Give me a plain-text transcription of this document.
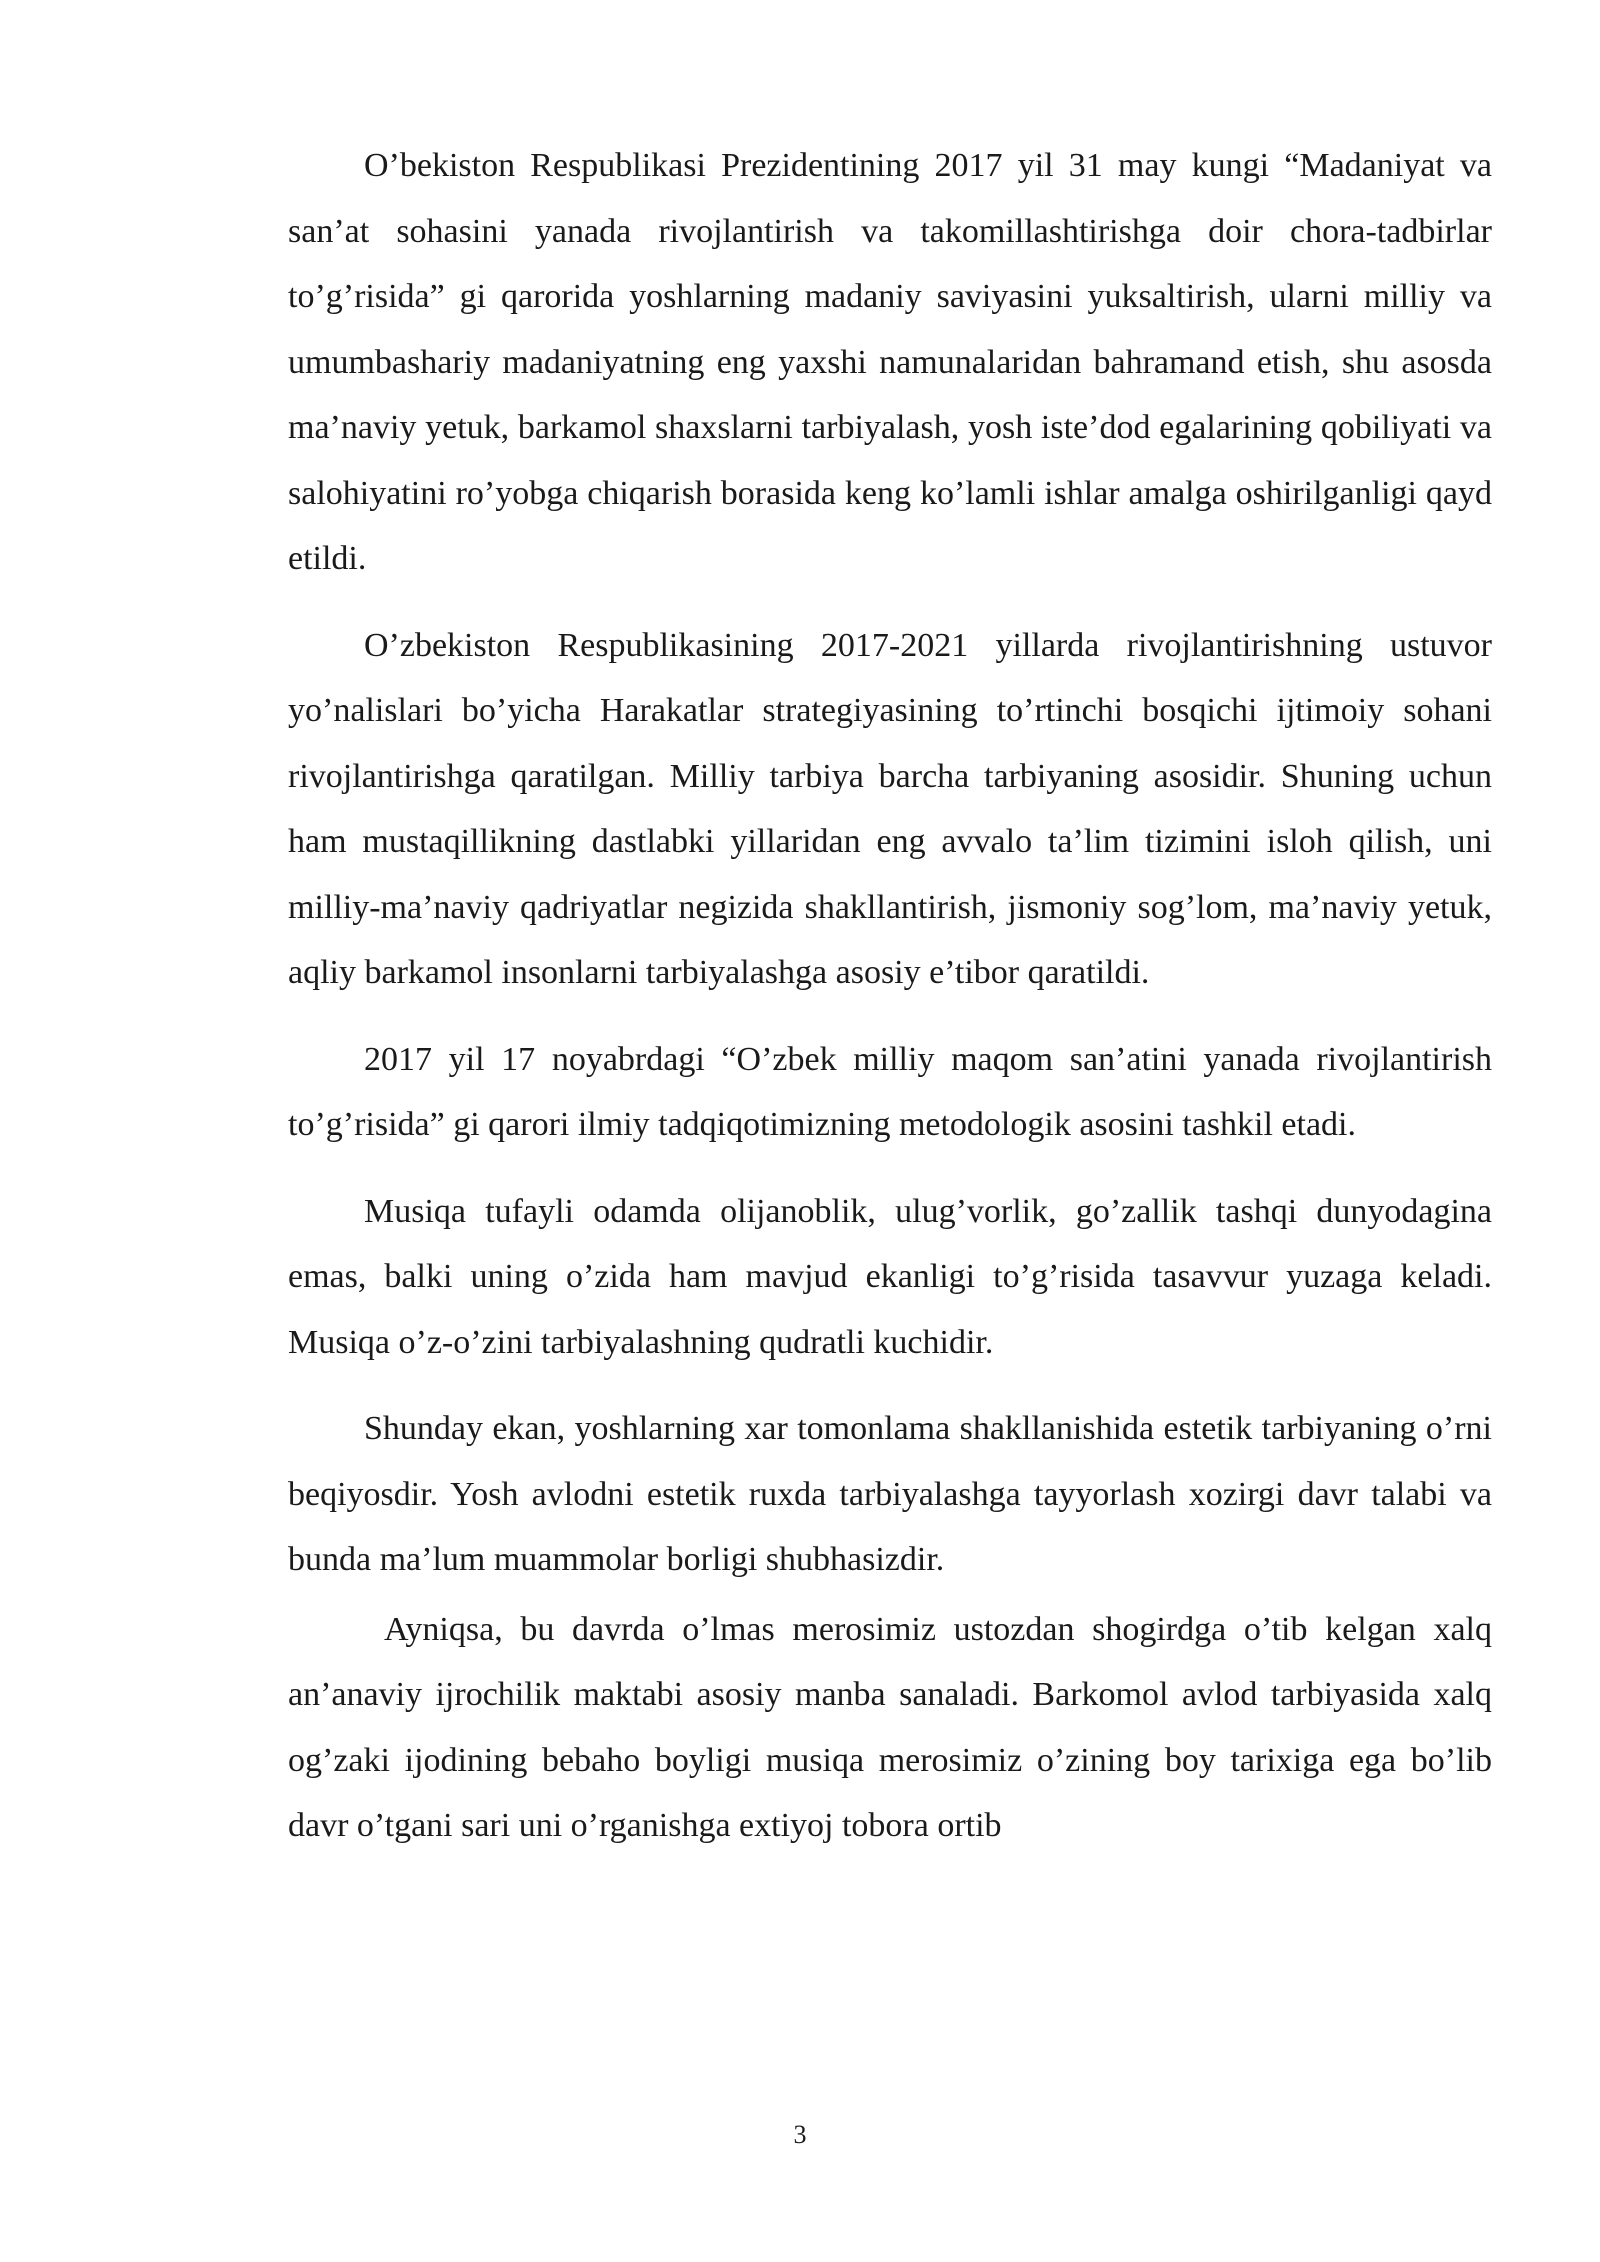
O’bekiston Respublikasi Prezidentining 2017 yil 31 may kungi “Madaniyat va san’at sohasini yanada rivojlantirish va takomillashtirishga doir chora-tadbirlar to’g’risida” gi qarorida yoshlarning madaniy saviyasini yuksaltirish, ularni milliy va umumbashariy madaniyatning eng yaxshi namunalaridan bahramand etish, shu asosda ma’naviy yetuk, barkamol shaxslarni tarbiyalash, yosh iste’dod egalarining qobiliyati va salohiyatini ro’yobga chiqarish borasida keng ko’lamli ishlar amalga oshirilganligi qayd etildi.

O’zbekiston Respublikasining 2017-2021 yillarda rivojlantirishning ustuvor yo’nalislari bo’yicha Harakatlar strategiyasining to’rtinchi bosqichi ijtimoiy sohani rivojlantirishga qaratilgan. Milliy tarbiya barcha tarbiyaning asosidir. Shuning uchun ham mustaqillikning dastlabki yillaridan eng avvalo ta’lim tizimini isloh qilish, uni milliy-ma’naviy qadriyatlar negizida shakllantirish, jismoniy sog’lom, ma’naviy yetuk, aqliy barkamol insonlarni tarbiyalashga asosiy e’tibor qaratildi.

2017 yil 17 noyabrdagi “O’zbek milliy maqom san’atini yanada rivojlantirish to’g’risida” gi qarori ilmiy tadqiqotimizning metodologik asosini tashkil etadi.

Musiqa tufayli odamda olijanoblik, ulug’vorlik, go’zallik tashqi dunyodagina emas, balki uning o’zida ham mavjud ekanligi to’g’risida tasavvur yuzaga keladi. Musiqa o’z-o’zini tarbiyalashning qudratli kuchidir.

Shunday ekan, yoshlarning xar tomonlama shakllanishida estetik tarbiyaning o’rni beqiyosdir. Yosh avlodni estetik ruxda tarbiyalashga tayyorlash xozirgi davr talabi va bunda ma’lum muammolar borligi shubhasizdir.

Ayniqsa, bu davrda o’lmas merosimiz ustozdan shogirdga o’tib kelgan xalq an’anaviy ijrochilik maktabi asosiy manba sanaladi. Barkomol avlod tarbiyasida xalq og’zaki ijodining bebaho boyligi musiqa merosimiz o’zining boy tarixiga ega bo’lib davr o’tgani sari uni o’rganishga extiyoj tobora ortib

3
